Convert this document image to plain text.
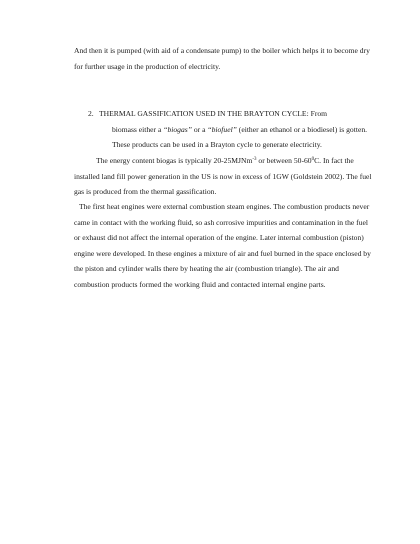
And then it is pumped (with aid of a condensate pump) to the boiler which helps it to become dry for further usage in the production of electricity.

2. THERMAL GASSIFICATION USED IN THE BRAYTON CYCLE: From
biomass either a “biogas” or a “biofuel” (either an ethanol or a biodiesel) is gotten. These products can be used in a Brayton cycle to generate electricity.

The energy content biogas is typically 20-25MJNm$^{-3}$ or between $50-60^0C$. In fact the installed land fill power generation in the US is now in excess of 1GW (Goldstein 2002). The fuel gas is produced from the thermal gassification.

The first heat engines were external combustion steam engines. The combustion products never came in contact with the working fluid, so ash corrosive impurities and contamination in the fuel or exhaust did not affect the internal operation of the engine. Later internal combustion (piston) engine were developed. In these engines a mixture of air and fuel burned in the space enclosed by the piston and cylinder walls there by heating the air (combustion triangle). The air and combustion products formed the working fluid and contacted internal engine parts.
